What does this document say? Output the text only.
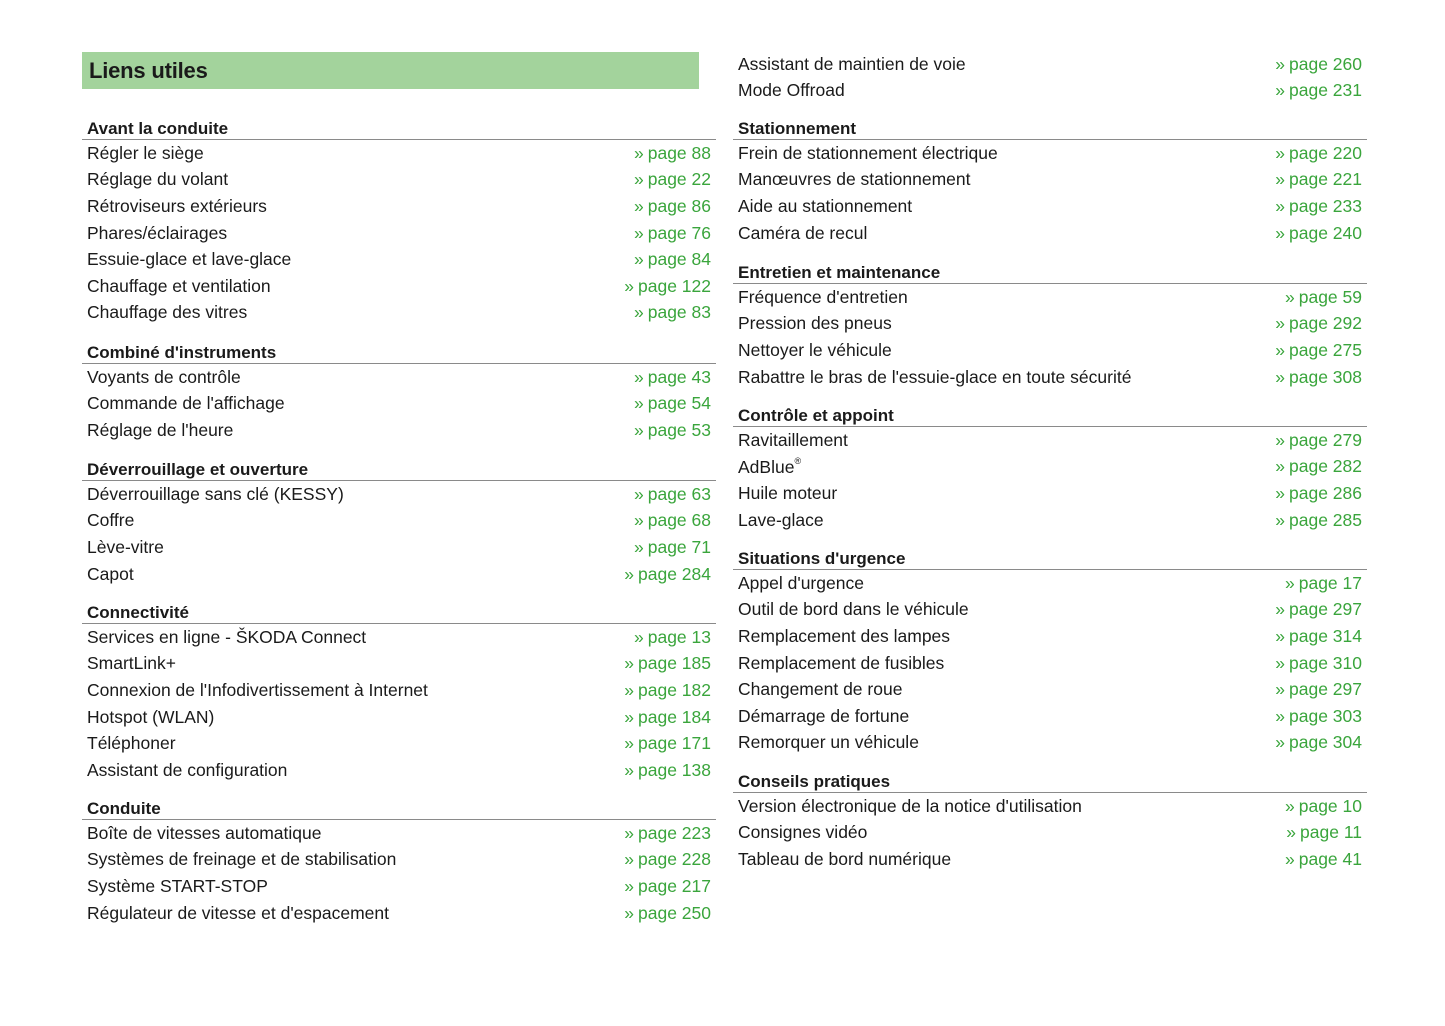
Liens utiles
Avant la conduite
Régler le siège	» page 88
Réglage du volant	» page 22
Rétroviseurs extérieurs	» page 86
Phares/éclairages	» page 76
Essuie-glace et lave-glace	» page 84
Chauffage et ventilation	» page 122
Chauffage des vitres	» page 83
Combiné d'instruments
Voyants de contrôle	» page 43
Commande de l'affichage	» page 54
Réglage de l'heure	» page 53
Déverrouillage et ouverture
Déverrouillage sans clé (KESSY)	» page 63
Coffre	» page 68
Lève-vitre	» page 71
Capot	» page 284
Connectivité
Services en ligne - ŠKODA Connect	» page 13
SmartLink+	» page 185
Connexion de l'Infodivertissement à Internet	» page 182
Hotspot (WLAN)	» page 184
Téléphoner	» page 171
Assistant de configuration	» page 138
Conduite
Boîte de vitesses automatique	» page 223
Systèmes de freinage et de stabilisation	» page 228
Système START-STOP	» page 217
Régulateur de vitesse et d'espacement	» page 250
Assistant de maintien de voie	» page 260
Mode Offroad	» page 231
Stationnement
Frein de stationnement électrique	» page 220
Manœuvres de stationnement	» page 221
Aide au stationnement	» page 233
Caméra de recul	» page 240
Entretien et maintenance
Fréquence d'entretien	» page 59
Pression des pneus	» page 292
Nettoyer le véhicule	» page 275
Rabattre le bras de l'essuie-glace en toute sécurité	» page 308
Contrôle et appoint
Ravitaillement	» page 279
AdBlue®	» page 282
Huile moteur	» page 286
Lave-glace	» page 285
Situations d'urgence
Appel d'urgence	» page 17
Outil de bord dans le véhicule	» page 297
Remplacement des lampes	» page 314
Remplacement de fusibles	» page 310
Changement de roue	» page 297
Démarrage de fortune	» page 303
Remorquer un véhicule	» page 304
Conseils pratiques
Version électronique de la notice d'utilisation	» page 10
Consignes vidéo	» page 11
Tableau de bord numérique	» page 41
